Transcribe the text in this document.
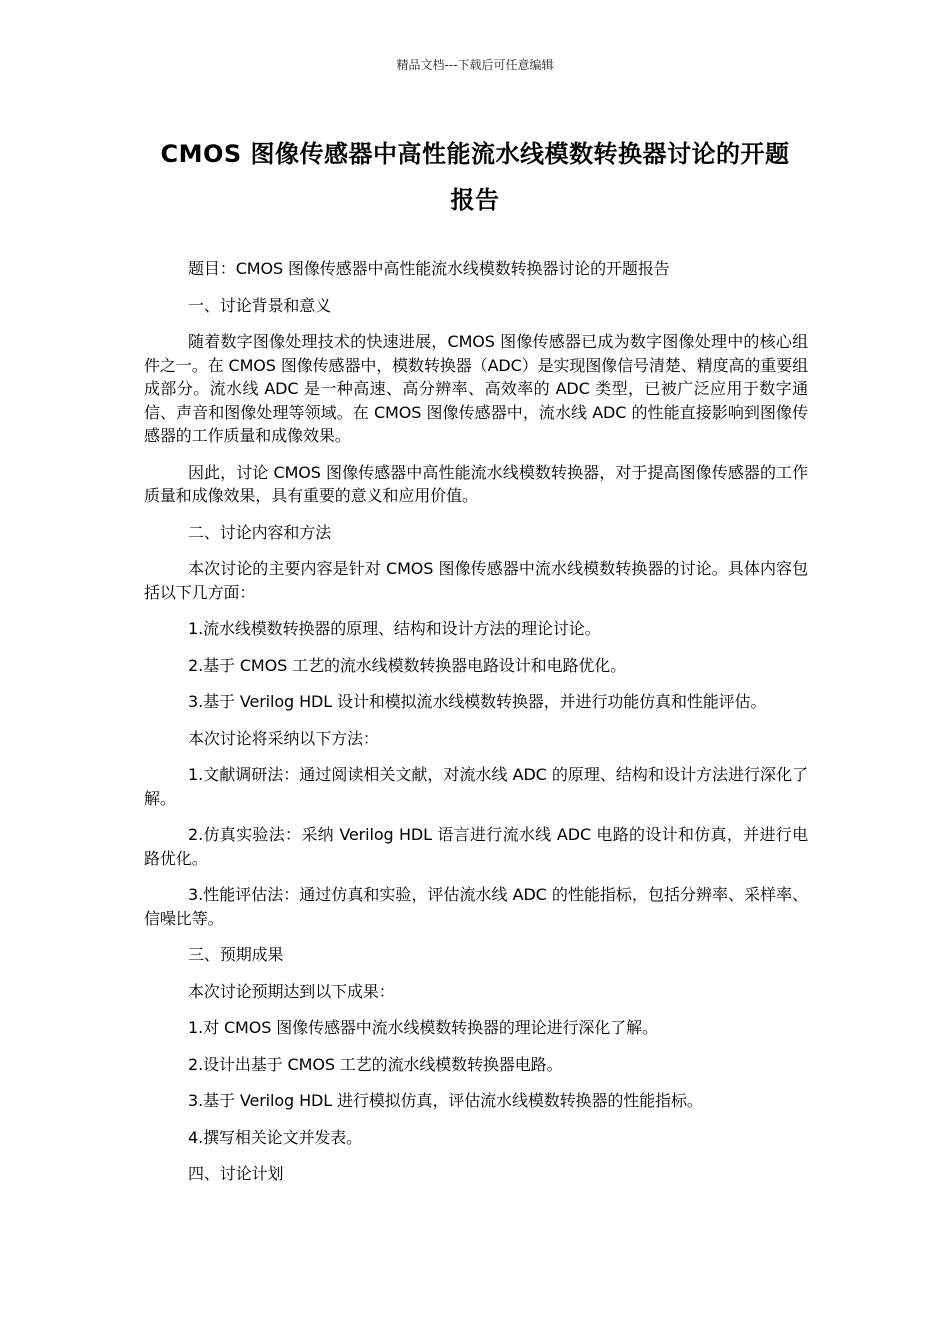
精品文档---下载后可任意编辑
CMOS 图像传感器中高性能流水线模数转换器讨论的开题
报告

题目：CMOS 图像传感器中高性能流水线模数转换器讨论的开题报告

一、讨论背景和意义

随着数字图像处理技术的快速进展，CMOS 图像传感器已成为数字图像处理中的核心组件之一。在 CMOS 图像传感器中，模数转换器（ADC）是实现图像信号清楚、精度高的重要组成部分。流水线 ADC 是一种高速、高分辨率、高效率的 ADC 类型，已被广泛应用于数字通信、声音和图像处理等领域。在 CMOS 图像传感器中，流水线 ADC 的性能直接影响到图像传感器的工作质量和成像效果。

因此，讨论 CMOS 图像传感器中高性能流水线模数转换器，对于提高图像传感器的工作质量和成像效果，具有重要的意义和应用价值。

二、讨论内容和方法

本次讨论的主要内容是针对 CMOS 图像传感器中流水线模数转换器的讨论。具体内容包括以下几方面：

1.流水线模数转换器的原理、结构和设计方法的理论讨论。

2.基于 CMOS 工艺的流水线模数转换器电路设计和电路优化。

3.基于 Verilog HDL 设计和模拟流水线模数转换器，并进行功能仿真和性能评估。

本次讨论将采纳以下方法：

1.文献调研法：通过阅读相关文献，对流水线 ADC 的原理、结构和设计方法进行深化了解。

2.仿真实验法：采纳 Verilog HDL 语言进行流水线 ADC 电路的设计和仿真，并进行电路优化。

3.性能评估法：通过仿真和实验，评估流水线 ADC 的性能指标，包括分辨率、采样率、信噪比等。

三、预期成果

本次讨论预期达到以下成果：

1.对 CMOS 图像传感器中流水线模数转换器的理论进行深化了解。

2.设计出基于 CMOS 工艺的流水线模数转换器电路。

3.基于 Verilog HDL 进行模拟仿真，评估流水线模数转换器的性能指标。

4.撰写相关论文并发表。

四、讨论计划
